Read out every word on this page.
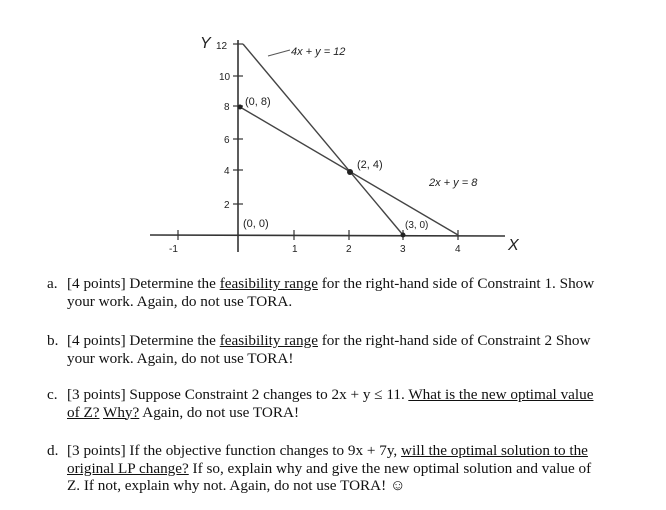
Y
X
12
10
8
6
4
2
-1	1	2	3	4
4x + y = 12
2x + y = 8
(0, 8)
(2, 4)
(0, 0)	(3, 0)
a. [4 points] Determine the feasibility range for the right-hand side of Constraint 1. Show your work. Again, do not use TORA.
b. [4 points] Determine the feasibility range for the right-hand side of Constraint 2 Show your work. Again, do not use TORA!
c. [3 points] Suppose Constraint 2 changes to 2x + y ≤ 11. What is the new optimal value of Z? Why? Again, do not use TORA!
d. [3 points] If the objective function changes to 9x + 7y, will the optimal solution to the original LP change? If so, explain why and give the new optimal solution and value of Z. If not, explain why not. Again, do not use TORA! ☺
